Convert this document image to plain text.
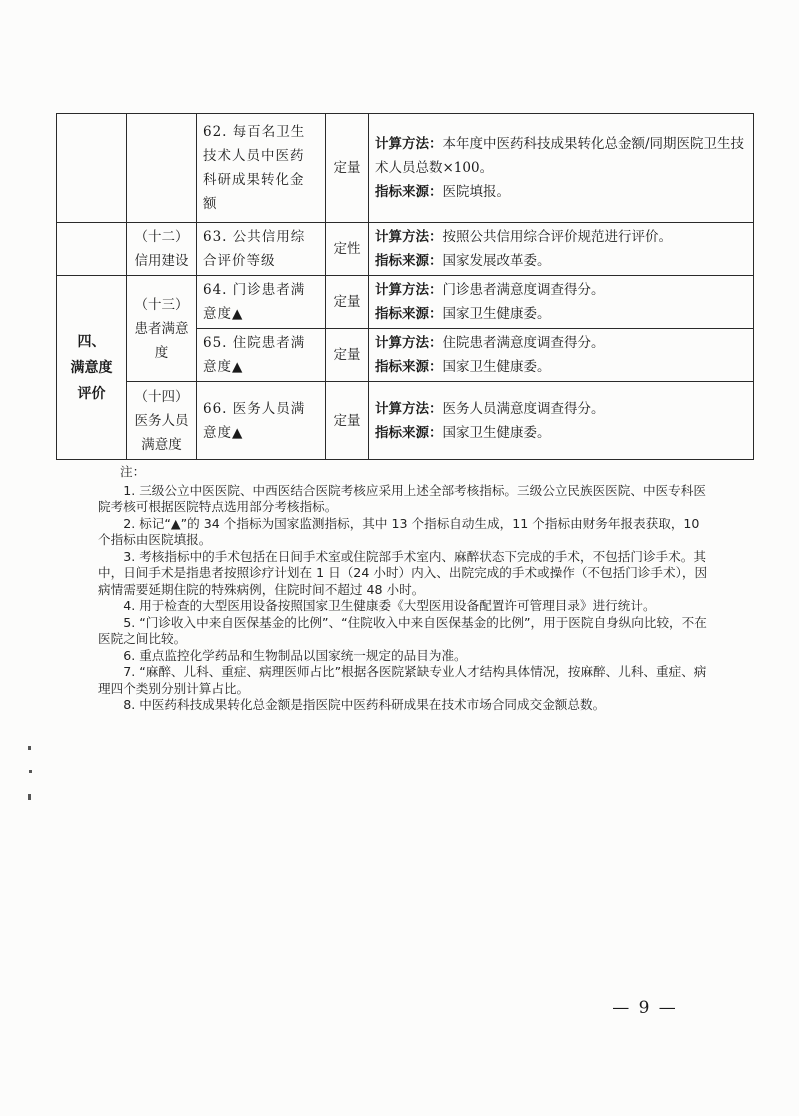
		62. 每百名卫生
技术人员中医药
科研成果转化金
额	定量	计算方法：本年度中医药科技成果转化总金额/同期医院卫生技术人员总数×100。
指标来源：医院填报。

	（十二）
信用建设	63. 公共信用综
合评价等级	定性	计算方法：按照公共信用综合评价规范进行评价。
指标来源：国家发展改革委。

四、
满意度
评价	（十三）
患者满意
度	64. 门诊患者满
意度▲	定量	计算方法：门诊患者满意度调查得分。
指标来源：国家卫生健康委。

		65. 住院患者满
意度▲	定量	计算方法：住院患者满意度调查得分。
指标来源：国家卫生健康委。

	（十四）
医务人员
满意度	66. 医务人员满
意度▲	定量	计算方法：医务人员满意度调查得分。
指标来源：国家卫生健康委。

注：

1. 三级公立中医医院、中西医结合医院考核应采用上述全部考核指标。三级公立民族医医院、中医专科医院考核可根据医院特点选用部分考核指标。

2. 标记“▲”的 34 个指标为国家监测指标，其中 13 个指标自动生成，11 个指标由财务年报表获取，10 个指标由医院填报。

3. 考核指标中的手术包括在日间手术室或住院部手术室内、麻醉状态下完成的手术，不包括门诊手术。其中，日间手术是指患者按照诊疗计划在 1 日（24 小时）内入、出院完成的手术或操作（不包括门诊手术），因病情需要延期住院的特殊病例，住院时间不超过 48 小时。

4. 用于检查的大型医用设备按照国家卫生健康委《大型医用设备配置许可管理目录》进行统计。

5. “门诊收入中来自医保基金的比例”、“住院收入中来自医保基金的比例”，用于医院自身纵向比较，不在医院之间比较。

6. 重点监控化学药品和生物制品以国家统一规定的品目为准。

7. “麻醉、儿科、重症、病理医师占比”根据各医院紧缺专业人才结构具体情况，按麻醉、儿科、重症、病理四个类别分别计算占比。

8. 中医药科技成果转化总金额是指医院中医药科研成果在技术市场合同成交金额总数。

— 9 —
